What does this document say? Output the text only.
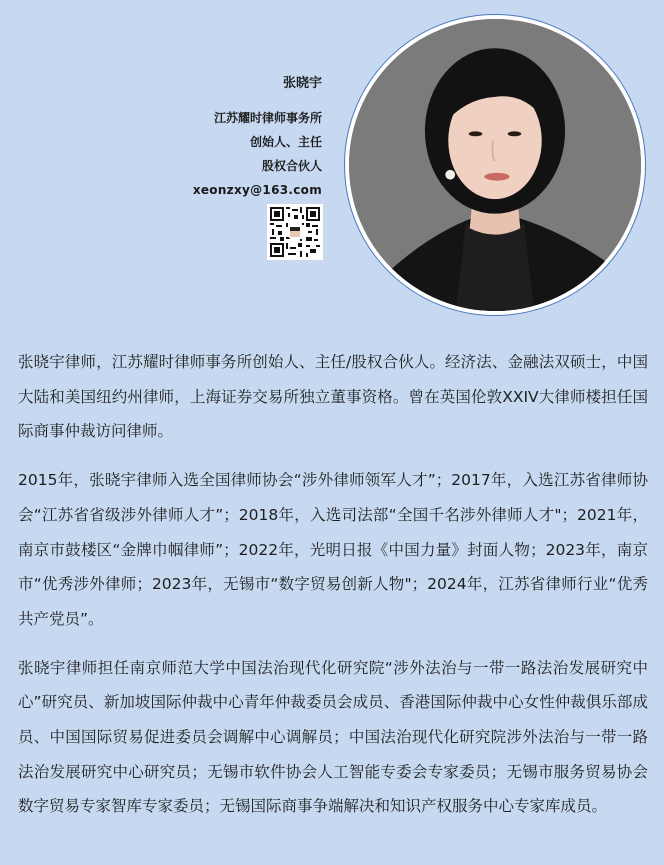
张晓宇
江苏耀时律师事务所
创始人、主任
股权合伙人
xeonzxy@163.com

张晓宇律师，江苏耀时律师事务所创始人、主任/股权合伙人。经济法、金融法双硕士，中国大陆和美国纽约州律师，上海证券交易所独立董事资格。曾在英国伦敦XXIV大律师楼担任国际商事仲裁访问律师。

2015年，张晓宇律师入选全国律师协会“涉外律师领军人才”；2017年，入选江苏省律师协会“江苏省省级涉外律师人才”；2018年，入选司法部“全国千名涉外律师人才"；2021年，南京市鼓楼区“金牌巾帼律师”；2022年，光明日报《中国力量》封面人物；2023年，南京市“优秀涉外律师；2023年，无锡市“数字贸易创新人物"；2024年，江苏省律师行业“优秀共产党员”。

张晓宇律师担任南京师范大学中国法治现代化研究院“涉外法治与一带一路法治发展研究中心”研究员、新加坡国际仲裁中心青年仲裁委员会成员、香港国际仲裁中心女性仲裁俱乐部成员、中国国际贸易促进委员会调解中心调解员；中国法治现代化研究院涉外法治与一带一路法治发展研究中心研究员；无锡市软件协会人工智能专委会专家委员；无锡市服务贸易协会数字贸易专家智库专家委员；无锡国际商事争端解决和知识产权服务中心专家库成员。
